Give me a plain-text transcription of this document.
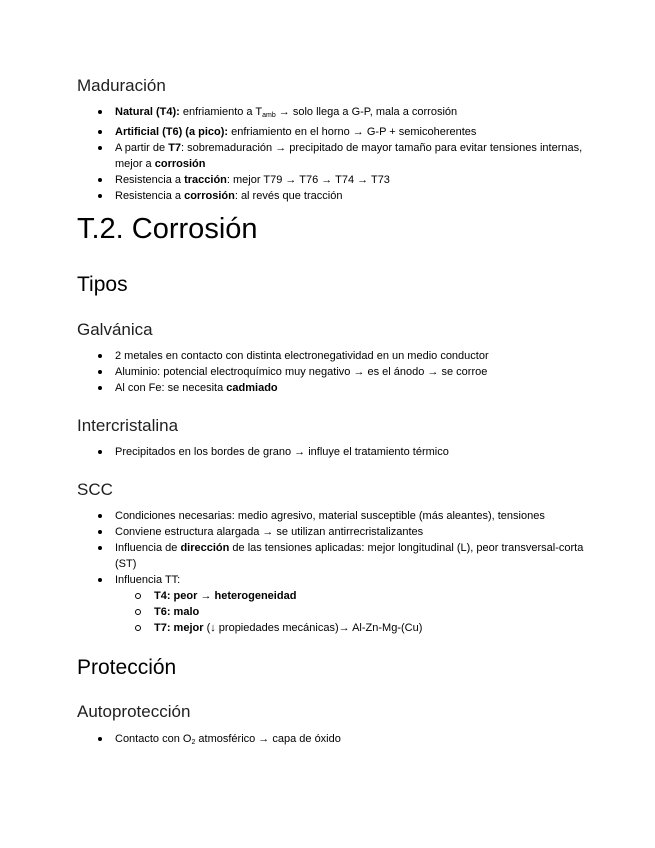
Maduración
Natural (T4): enfriamiento a $T_{amb}$ → solo llega a G-P, mala a corrosión
Artificial (T6) (a pico): enfriamiento en el horno → G-P + semicoherentes
A partir de T7: sobremaduración → precipitado de mayor tamaño para evitar tensiones internas, mejor a corrosión
Resistencia a tracción: mejor T79 → T76 → T74 → T73
Resistencia a corrosión: al revés que tracción
T.2. Corrosión
Tipos
Galvánica
2 metales en contacto con distinta electronegatividad en un medio conductor
Aluminio: potencial electroquímico muy negativo → es el ánodo → se corroe
Al con Fe: se necesita cadmiado
Intercristalina
Precipitados en los bordes de grano → influye el tratamiento térmico
SCC
Condiciones necesarias: medio agresivo, material susceptible (más aleantes), tensiones
Conviene estructura alargada → se utilizan antirrecristalizantes
Influencia de dirección de las tensiones aplicadas: mejor longitudinal (L), peor transversal-corta (ST)
Influencia TT:
T4: peor → heterogeneidad
T6: malo
T7: mejor (↓ propiedades mecánicas)→ Al-Zn-Mg-(Cu)
Protección
Autoprotección
Contacto con $O_2$ atmosférico → capa de óxido
